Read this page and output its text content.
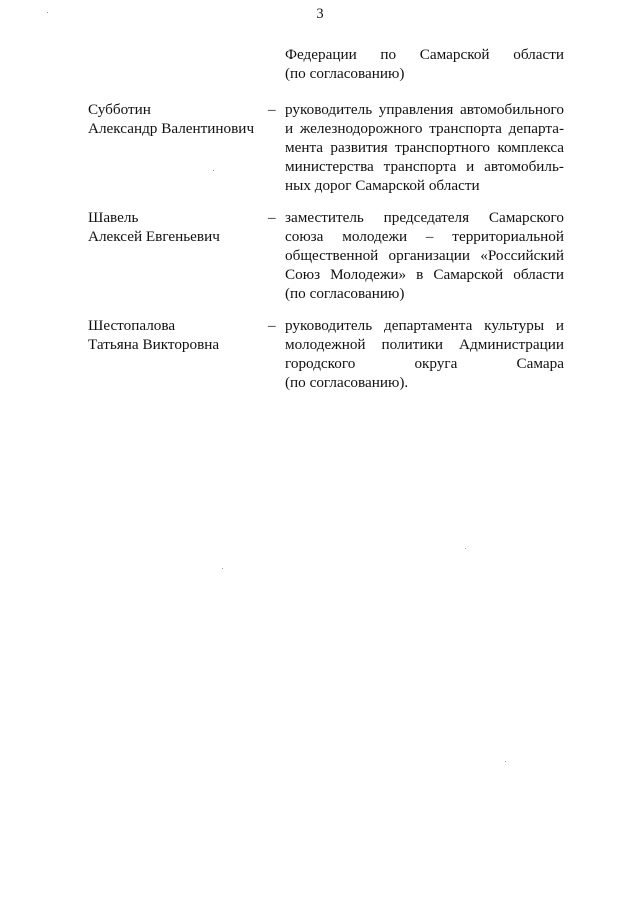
3
Федерации по Самарской области
(по согласованию)
Субботин
Александр Валентинович
– руководитель управления автомобильного
и железнодорожного транспорта департа-
мента развития транспортного комплекса
министерства транспорта и автомобиль-
ных дорог Самарской области
Шавель
Алексей Евгеньевич
– заместитель председателя Самарского
союза молодежи – территориальной
общественной организации «Российский
Союз Молодежи» в Самарской области
(по согласованию)
Шестопалова
Татьяна Викторовна
– руководитель департамента культуры и
молодежной политики Администрации
городского округа Самара
(по согласованию).
